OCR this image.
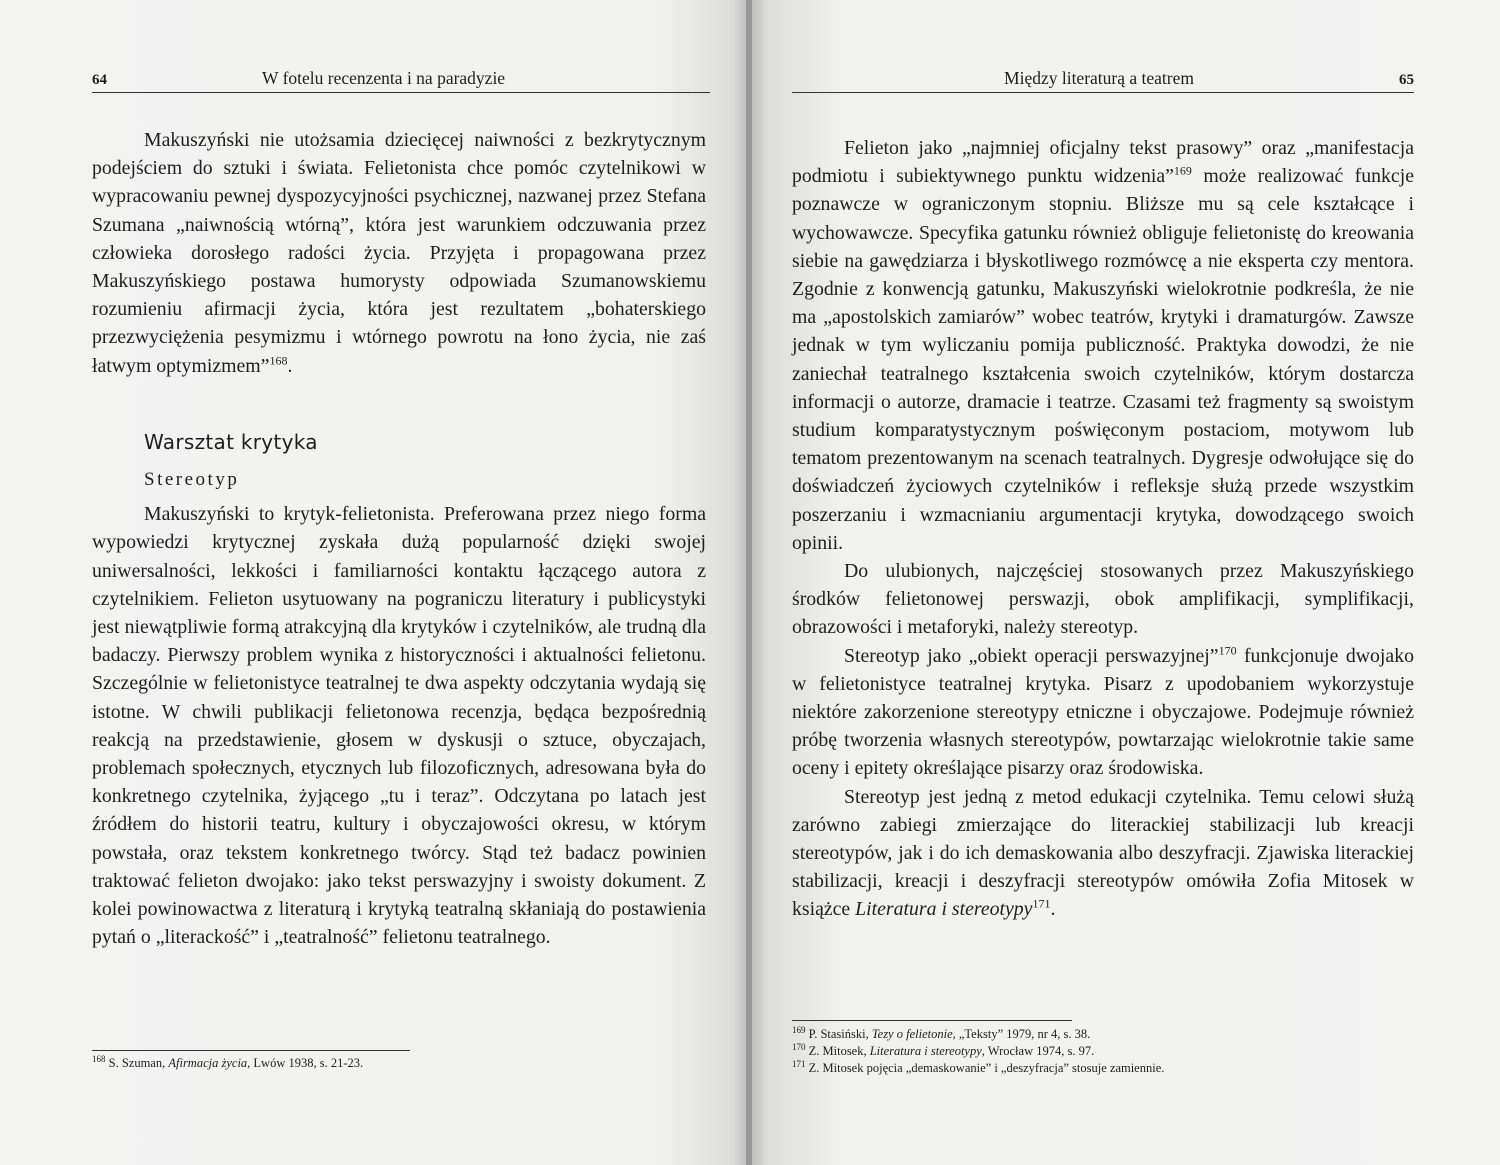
64	W fotelu recenzenta i na paradyzie

Makuszyński nie utożsamia dziecięcej naiwności z bezkrytycznym podejściem do sztuki i świata. Felietonista chce pomóc czytelnikowi w wypracowaniu pewnej dyspozycyjności psychicznej, nazwanej przez Stefana Szumana „naiwnością wtórną”, która jest warunkiem odczuwania przez człowieka dorosłego radości życia. Przyjęta i propagowana przez Makuszyńskiego postawa humorysty odpowiada Szumanowskiemu rozumieniu afirmacji życia, która jest rezultatem „bohaterskiego przezwyciężenia pesymizmu i wtórnego powrotu na łono życia, nie zaś łatwym optymizmem”$^{168}$.

Warsztat krytyka
Stereotyp

Makuszyński to krytyk-felietonista. Preferowana przez niego forma wypowiedzi krytycznej zyskała dużą popularność dzięki swojej uniwersalności, lekkości i familiarności kontaktu łączącego autora z czytelnikiem. Felieton usytuowany na pograniczu literatury i publicystyki jest niewątpliwie formą atrakcyjną dla krytyków i czytelników, ale trudną dla badaczy. Pierwszy problem wynika z historyczności i aktualności felietonu. Szczególnie w felietonistyce teatralnej te dwa aspekty odczytania wydają się istotne. W chwili publikacji felietonowa recenzja, będąca bezpośrednią reakcją na przedstawienie, głosem w dyskusji o sztuce, obyczajach, problemach społecznych, etycznych lub filozoficznych, adresowana była do konkretnego czytelnika, żyjącego „tu i teraz”. Odczytana po latach jest źródłem do historii teatru, kultury i obyczajowości okresu, w którym powstała, oraz tekstem konkretnego twórcy. Stąd też badacz powinien traktować felieton dwojako: jako tekst perswazyjny i swoisty dokument. Z kolei powinowactwa z literaturą i krytyką teatralną skłaniają do postawienia pytań o „literackość” i „teatralność” felietonu teatralnego.

$^{168}$ S. Szuman, Afirmacja życia, Lwów 1938, s. 21-23.
Między literaturą a teatrem	65

Felieton jako „najmniej oficjalny tekst prasowy” oraz „manifestacja podmiotu i subiektywnego punktu widzenia”$^{169}$ może realizować funkcje poznawcze w ograniczonym stopniu. Bliższe mu są cele kształcące i wychowawcze. Specyfika gatunku również obliguje felietonistę do kreowania siebie na gawędziarza i błyskotliwego rozmówcę a nie eksperta czy mentora. Zgodnie z konwencją gatunku, Makuszyński wielokrotnie podkreśla, że nie ma „apostolskich zamiarów” wobec teatrów, krytyki i dramaturgów. Zawsze jednak w tym wyliczaniu pomija publiczność. Praktyka dowodzi, że nie zaniechał teatralnego kształcenia swoich czytelników, którym dostarcza informacji o autorze, dramacie i teatrze. Czasami też fragmenty są swoistym studium komparatystycznym poświęconym postaciom, motywom lub tematom prezentowanym na scenach teatralnych. Dygresje odwołujące się do doświadczeń życiowych czytelników i refleksje służą przede wszystkim poszerzaniu i wzmacnianiu argumentacji krytyka, dowodzącego swoich opinii.

Do ulubionych, najczęściej stosowanych przez Makuszyńskiego środków felietonowej perswazji, obok amplifikacji, symplifikacji, obrazowości i metaforyki, należy stereotyp.

Stereotyp jako „obiekt operacji perswazyjnej”$^{170}$ funkcjonuje dwojako w felietonistyce teatralnej krytyka. Pisarz z upodobaniem wykorzystuje niektóre zakorzenione stereotypy etniczne i obyczajowe. Podejmuje również próbę tworzenia własnych stereotypów, powtarzając wielokrotnie takie same oceny i epitety określające pisarzy oraz środowiska.

Stereotyp jest jedną z metod edukacji czytelnika. Temu celowi służą zarówno zabiegi zmierzające do literackiej stabilizacji lub kreacji stereotypów, jak i do ich demaskowania albo deszyfracji. Zjawiska literackiej stabilizacji, kreacji i deszyfracji stereotypów omówiła Zofia Mitosek w książce Literatura i stereotypy$^{171}$.

$^{169}$ P. Stasiński, Tezy o felietonie, „Teksty” 1979, nr 4, s. 38.
$^{170}$ Z. Mitosek, Literatura i stereotypy, Wrocław 1974, s. 97.
$^{171}$ Z. Mitosek pojęcia „demaskowanie” i „deszyfracja” stosuje zamiennie.
